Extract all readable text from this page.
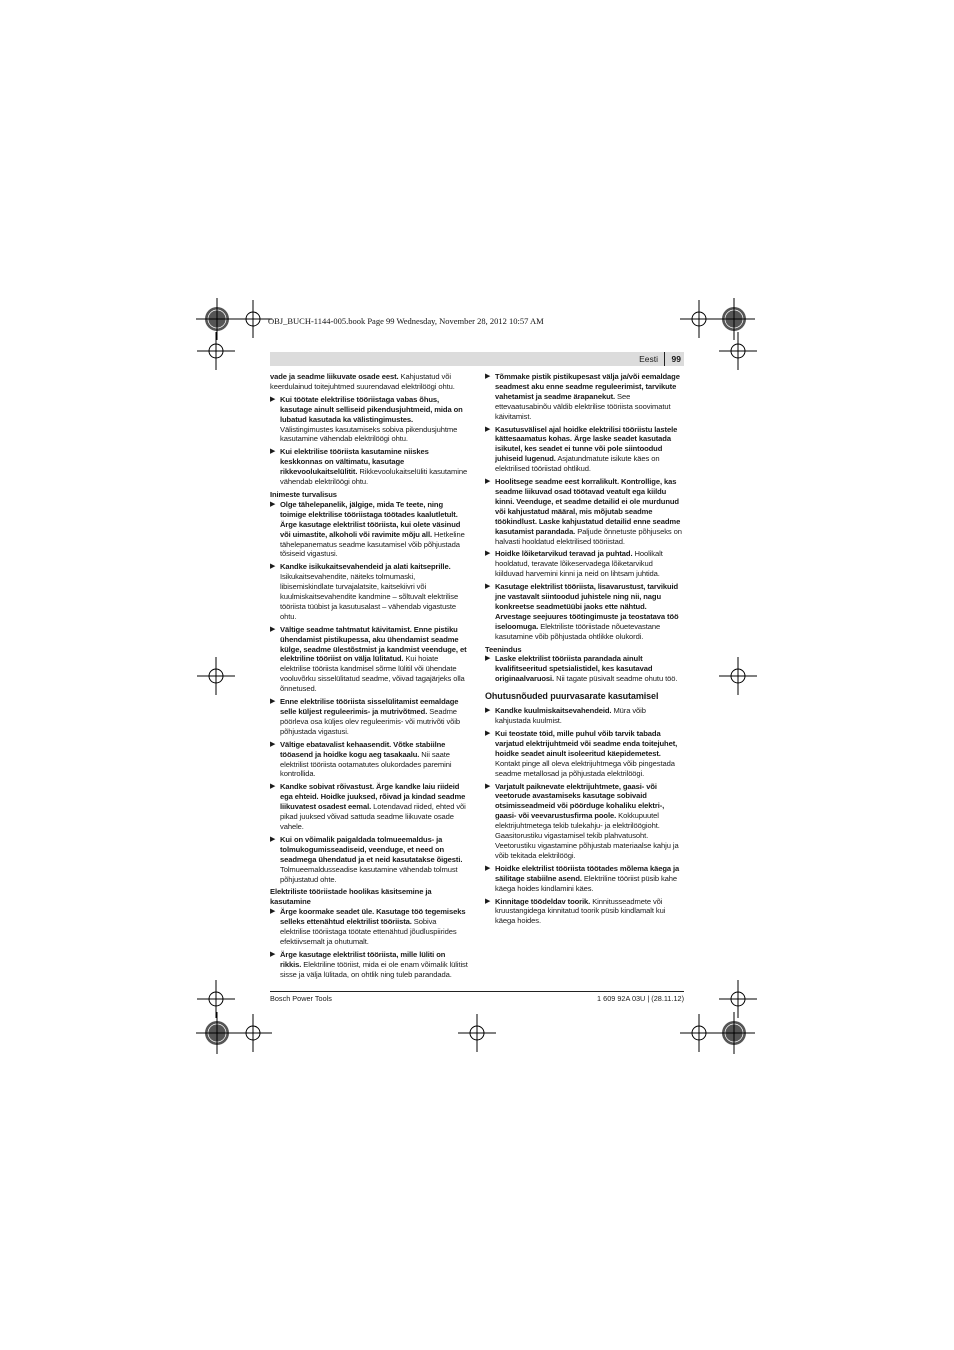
OBJ_BUCH-1144-005.book Page 99 Wednesday, November 28, 2012 10:57 AM
Eesti 99

vade ja seadme liikuvate osade eest. Kahjustatud või keerdulainud toitejuhtmed suurendavad elektrilöögi ohtu.

▶ Kui töötate elektrilise tööriistaga vabas õhus, kasutage ainult selliseid pikendusjuhtmeid, mida on lubatud kasutada ka välistingimustes. Välistingimustes kasutamiseks sobiva pikendusjuhtme kasutamine vähendab elektrilöögi ohtu.
▶ Kui elektrilise tööriista kasutamine niiskes keskkonnas on vältimatu, kasutage rikkevoolukaitselülitit. Rikkevoolukaitselüliti kasutamine vähendab elektrilöögi ohtu.

Inimeste turvalisus

▶ Olge tähelepanelik, jälgige, mida Te teete, ning toimige elektrilise tööriistaga töötades kaalutletult. Ärge kasutage elektrilist tööriista, kui olete väsinud või uimastite, alkoholi või ravimite mõju all. Hetkeline tähelepanematus seadme kasutamisel võib põhjustada tõsiseid vigastusi.
▶ Kandke isikukaitsevahendeid ja alati kaitseprille. Isikukaitsevahendite, näiteks tolmumaski, libisemiskindlate turvajalatsite, kaitsekiivri või kuulmiskaitsevahendite kandmine – sõltuvalt elektrilise tööriista tüübist ja kasutusalast – vähendab vigastuste ohtu.
▶ Vältige seadme tahtmatut käivitamist. Enne pistiku ühendamist pistikupessa, aku ühendamist seadme külge, seadme ülestõstmist ja kandmist veenduge, et elektriline tööriist on välja lülitatud. Kui hoiate elektrilise tööriista kandmisel sõrme lülitil või ühendate vooluvõrku sisselülitatud seadme, võivad tagajärjeks olla õnnetused.
▶ Enne elektrilise tööriista sisselülitamist eemaldage selle küljest reguleerimis- ja mutrivõtmed. Seadme pöörleva osa küljes olev reguleerimis- või mutrivõti võib põhjustada vigastusi.
▶ Vältige ebatavalist kehaasendit. Võtke stabiilne tööasend ja hoidke kogu aeg tasakaalu. Nii saate elektrilist tööriista ootamatutes olukordades paremini kontrollida.
▶ Kandke sobivat rõivastust. Ärge kandke laiu riideid ega ehteid. Hoidke juuksed, rõivad ja kindad seadme liikuvatest osadest eemal. Lotendavad riided, ehted või pikad juuksed võivad sattuda seadme liikuvate osade vahele.
▶ Kui on võimalik paigaldada tolmueemaldus- ja tolmukogumisseadiseid, veenduge, et need on seadmega ühendatud ja et neid kasutatakse õigesti. Tolmueemaldusseadise kasutamine vähendab tolmust põhjustatud ohte.

Elektriliste tööriistade hoolikas käsitsemine ja kasutamine

▶ Ärge koormake seadet üle. Kasutage töö tegemiseks selleks ettenähtud elektrilist tööriista. Sobiva elektrilise tööriistaga töötate ettenähtud jõudluspiirides efektiivsemalt ja ohutumalt.
▶ Ärge kasutage elektrilist tööriista, mille lüliti on rikkis. Elektriline tööriist, mida ei ole enam võimalik lülitist sisse ja välja lülitada, on ohtlik ning tuleb parandada.
▶ Tõmmake pistik pistikupesast välja ja/või eemaldage seadmest aku enne seadme reguleerimist, tarvikute vahetamist ja seadme ärapanekut. See ettevaatusabinõu väldib elektrilise tööriista soovimatut käivitamist.
▶ Kasutusvälisel ajal hoidke elektrilisi tööriistu lastele kättesaamatus kohas. Ärge laske seadet kasutada isikutel, kes seadet ei tunne või pole siintoodud juhiseid lugenud. Asjatundmatute isikute käes on elektrilised tööriistad ohtlikud.
▶ Hoolitsege seadme eest korralikult. Kontrollige, kas seadme liikuvad osad töötavad veatult ega kiildu kinni. Veenduge, et seadme detailid ei ole murdunud või kahjustatud määral, mis mõjutab seadme töökindlust. Laske kahjustatud detailid enne seadme kasutamist parandada. Paljude õnnetuste põhjuseks on halvasti hooldatud elektrilised tööriistad.
▶ Hoidke lõiketarvikud teravad ja puhtad. Hoolikalt hooldatud, teravate lõikeservadega lõiketarvikud kiilduvad harvemini kinni ja neid on lihtsam juhtida.
▶ Kasutage elektrilist tööriista, lisavarustust, tarvikuid jne vastavalt siintoodud juhistele ning nii, nagu konkreetse seadmetüübi jaoks ette nähtud. Arvestage seejuures töötingimuste ja teostatava töö iseloomuga. Elektriliste tööriistade nõuetevastane kasutamine võib põhjustada ohtlikke olukordi.

Teenindus

▶ Laske elektrilist tööriista parandada ainult kvalifitseeritud spetsialistidel, kes kasutavad originaalvaruosi. Nii tagate püsivalt seadme ohutu töö.

Ohutusnõuded puurvasarate kasutamisel

▶ Kandke kuulmiskaitsevahendeid. Müra võib kahjustada kuulmist.
▶ Kui teostate töid, mille puhul võib tarvik tabada varjatud elektrijuhtmeid või seadme enda toitejuhet, hoidke seadet ainult isoleeritud käepidemetest. Kontakt pinge all oleva elektrijuhtmega võib pingestada seadme metallosad ja põhjustada elektrilöögi.
▶ Varjatult paiknevate elektrijuhtmete, gaasi- või veetorude avastamiseks kasutage sobivaid otsimisseadmeid või pöörduge kohaliku elektri-, gaasi- või veevarustusfirma poole. Kokkupuutel elektrijuhtmetega tekib tulekahju- ja elektrilöögioht. Gaasitorustiku vigastamisel tekib plahvatusoht. Veetorustiku vigastamine põhjustab materiaalse kahju ja võib tekitada elektrilöögi.
▶ Hoidke elektrilist tööriista töötades mõlema käega ja säilitage stabiilne asend. Elektriline tööriist püsib kahe käega hoides kindlamini käes.
▶ Kinnitage töödeldav toorik. Kinnitusseadmete või kruustangidega kinnitatud toorik püsib kindlamalt kui käega hoides.
Bosch Power Tools	1 609 92A 03U | (28.11.12)
